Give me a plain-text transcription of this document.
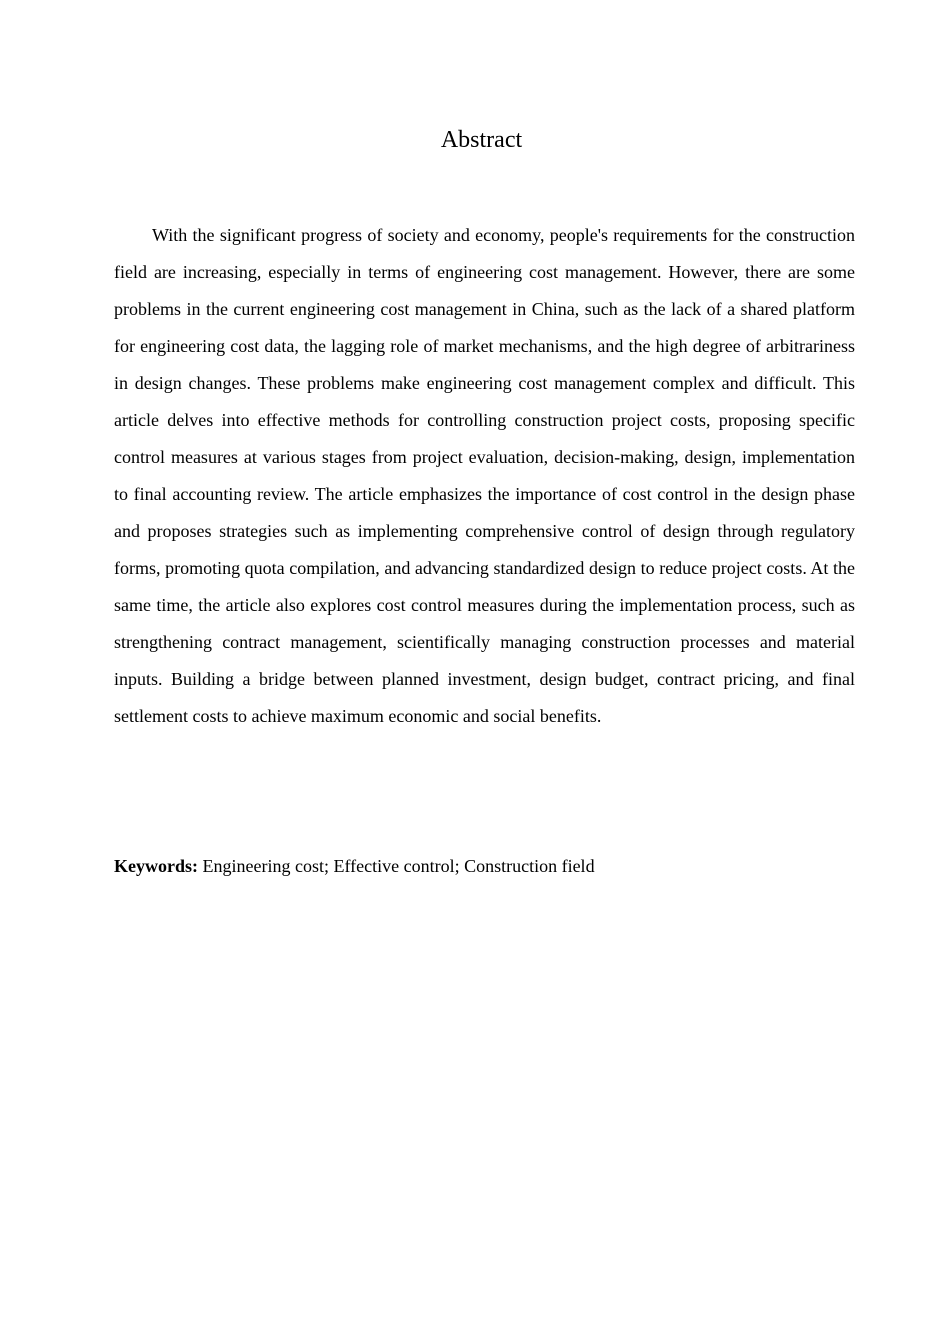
Abstract

With the significant progress of society and economy, people's requirements for the construction field are increasing, especially in terms of engineering cost management. However, there are some problems in the current engineering cost management in China, such as the lack of a shared platform for engineering cost data, the lagging role of market mechanisms, and the high degree of arbitrariness in design changes. These problems make engineering cost management complex and difficult. This article delves into effective methods for controlling construction project costs, proposing specific control measures at various stages from project evaluation, decision-making, design, implementation to final accounting review. The article emphasizes the importance of cost control in the design phase and proposes strategies such as implementing comprehensive control of design through regulatory forms, promoting quota compilation, and advancing standardized design to reduce project costs. At the same time, the article also explores cost control measures during the implementation process, such as strengthening contract management, scientifically managing construction processes and material inputs. Building a bridge between planned investment, design budget, contract pricing, and final settlement costs to achieve maximum economic and social benefits.

Keywords: Engineering cost; Effective control; Construction field
